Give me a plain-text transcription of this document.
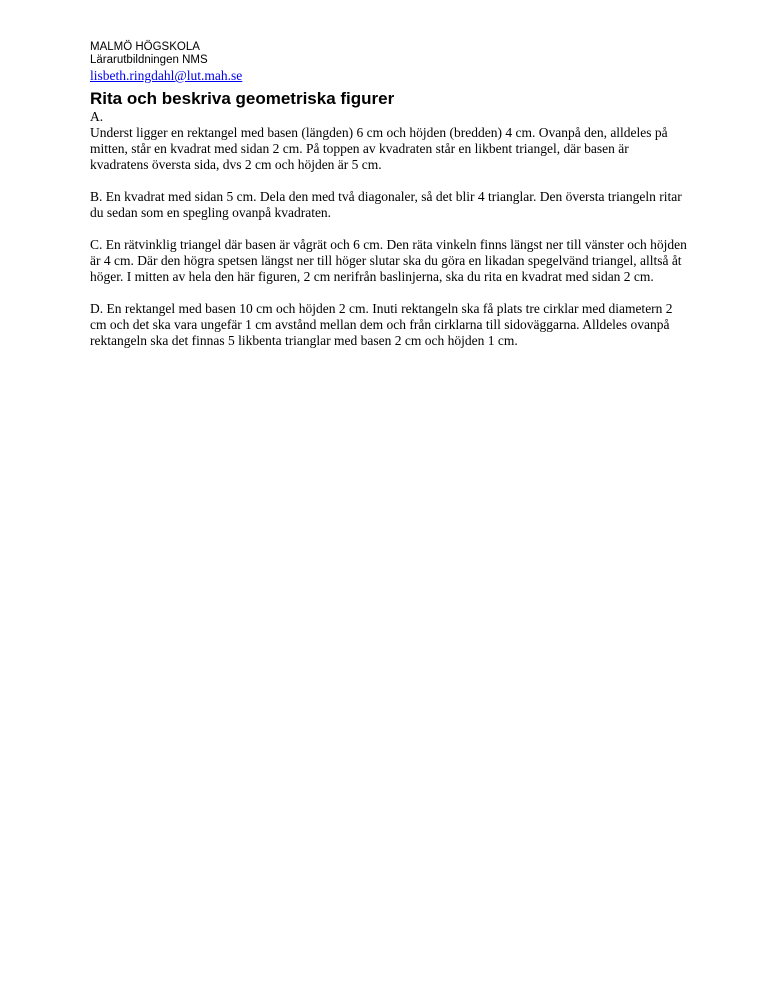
MALMÖ HÖGSKOLA

Lärarutbildningen NMS

lisbeth.ringdahl@lut.mah.se
Rita och beskriva geometriska figurer

A.

Underst ligger en rektangel med basen (längden) 6 cm och höjden (bredden) 4 cm. Ovanpå den, alldeles på mitten, står en kvadrat med sidan 2 cm. På toppen av kvadraten står en likbent triangel, där basen är kvadratens översta sida, dvs 2 cm och höjden är 5 cm.

B. En kvadrat med sidan 5 cm. Dela den med två diagonaler, så det blir 4 trianglar. Den översta triangeln ritar du sedan som en spegling ovanpå kvadraten.

C. En rätvinklig triangel där basen är vågrät och 6 cm. Den räta vinkeln finns längst ner till vänster och höjden är 4 cm. Där den högra spetsen längst ner till höger slutar ska du göra en likadan spegelvänd triangel, alltså åt höger. I mitten av hela den här figuren, 2 cm nerifrån baslinjerna, ska du rita en kvadrat med sidan 2 cm.

D. En rektangel med basen 10 cm och höjden 2 cm. Inuti rektangeln ska få plats tre cirklar med diametern 2 cm och det ska vara ungefär 1 cm avstånd mellan dem och från cirklarna till sidoväggarna. Alldeles ovanpå rektangeln ska det finnas 5 likbenta trianglar med basen 2 cm och höjden 1 cm.
